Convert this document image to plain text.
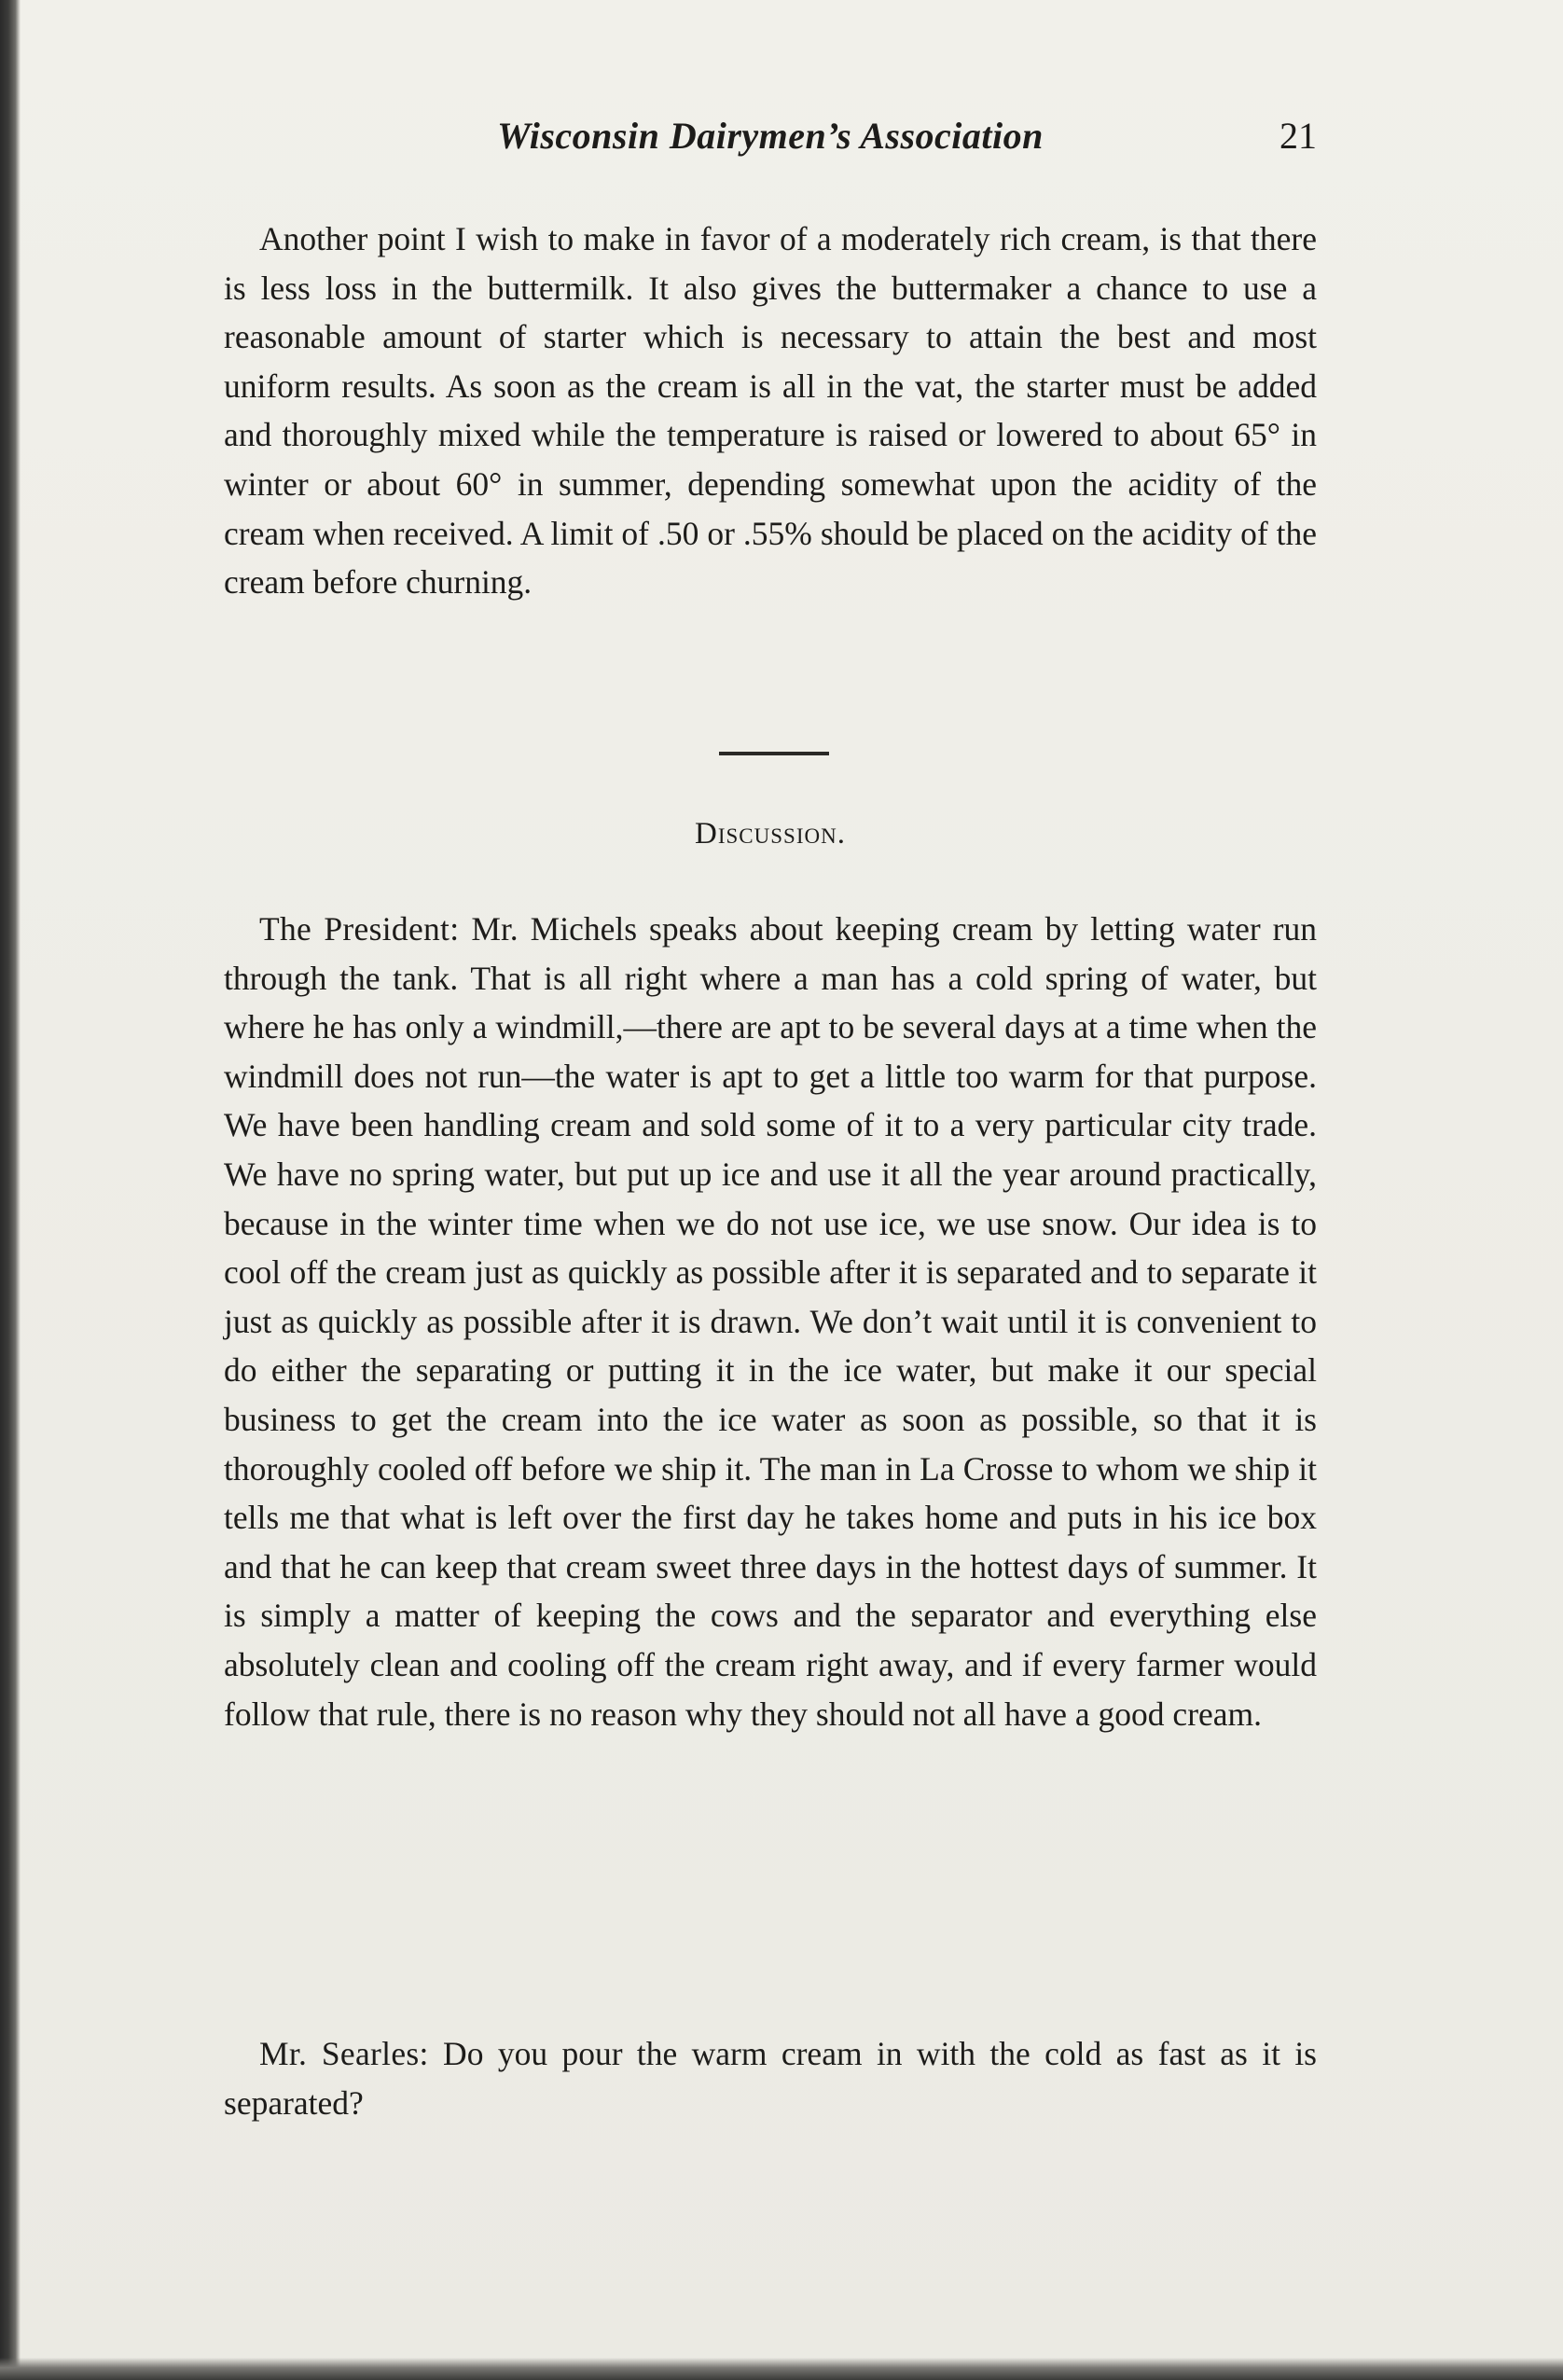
Wisconsin Dairymen’s Association	21

Another point I wish to make in favor of a moderately rich cream, is that there is less loss in the buttermilk. It also gives the buttermaker a chance to use a reasonable amount of starter which is necessary to attain the best and most uniform results. As soon as the cream is all in the vat, the starter must be added and thoroughly mixed while the temperature is raised or lowered to about 65° in winter or about 60° in summer, depending somewhat upon the acidity of the cream when received. A limit of .50 or .55% should be placed on the acidity of the cream before churning.

Discussion.

The President: Mr. Michels speaks about keeping cream by letting water run through the tank. That is all right where a man has a cold spring of water, but where he has only a windmill,—there are apt to be several days at a time when the windmill does not run—the water is apt to get a little too warm for that purpose. We have been handling cream and sold some of it to a very particular city trade. We have no spring water, but put up ice and use it all the year around practically, because in the winter time when we do not use ice, we use snow. Our idea is to cool off the cream just as quickly as possible after it is separated and to separate it just as quickly as possible after it is drawn. We don’t wait until it is convenient to do either the separating or putting it in the ice water, but make it our special business to get the cream into the ice water as soon as possible, so that it is thoroughly cooled off before we ship it. The man in La Crosse to whom we ship it tells me that what is left over the first day he takes home and puts in his ice box and that he can keep that cream sweet three days in the hottest days of summer. It is simply a matter of keeping the cows and the separator and everything else absolutely clean and cooling off the cream right away, and if every farmer would follow that rule, there is no reason why they should not all have a good cream.

Mr. Searles: Do you pour the warm cream in with the cold as fast as it is separated?
